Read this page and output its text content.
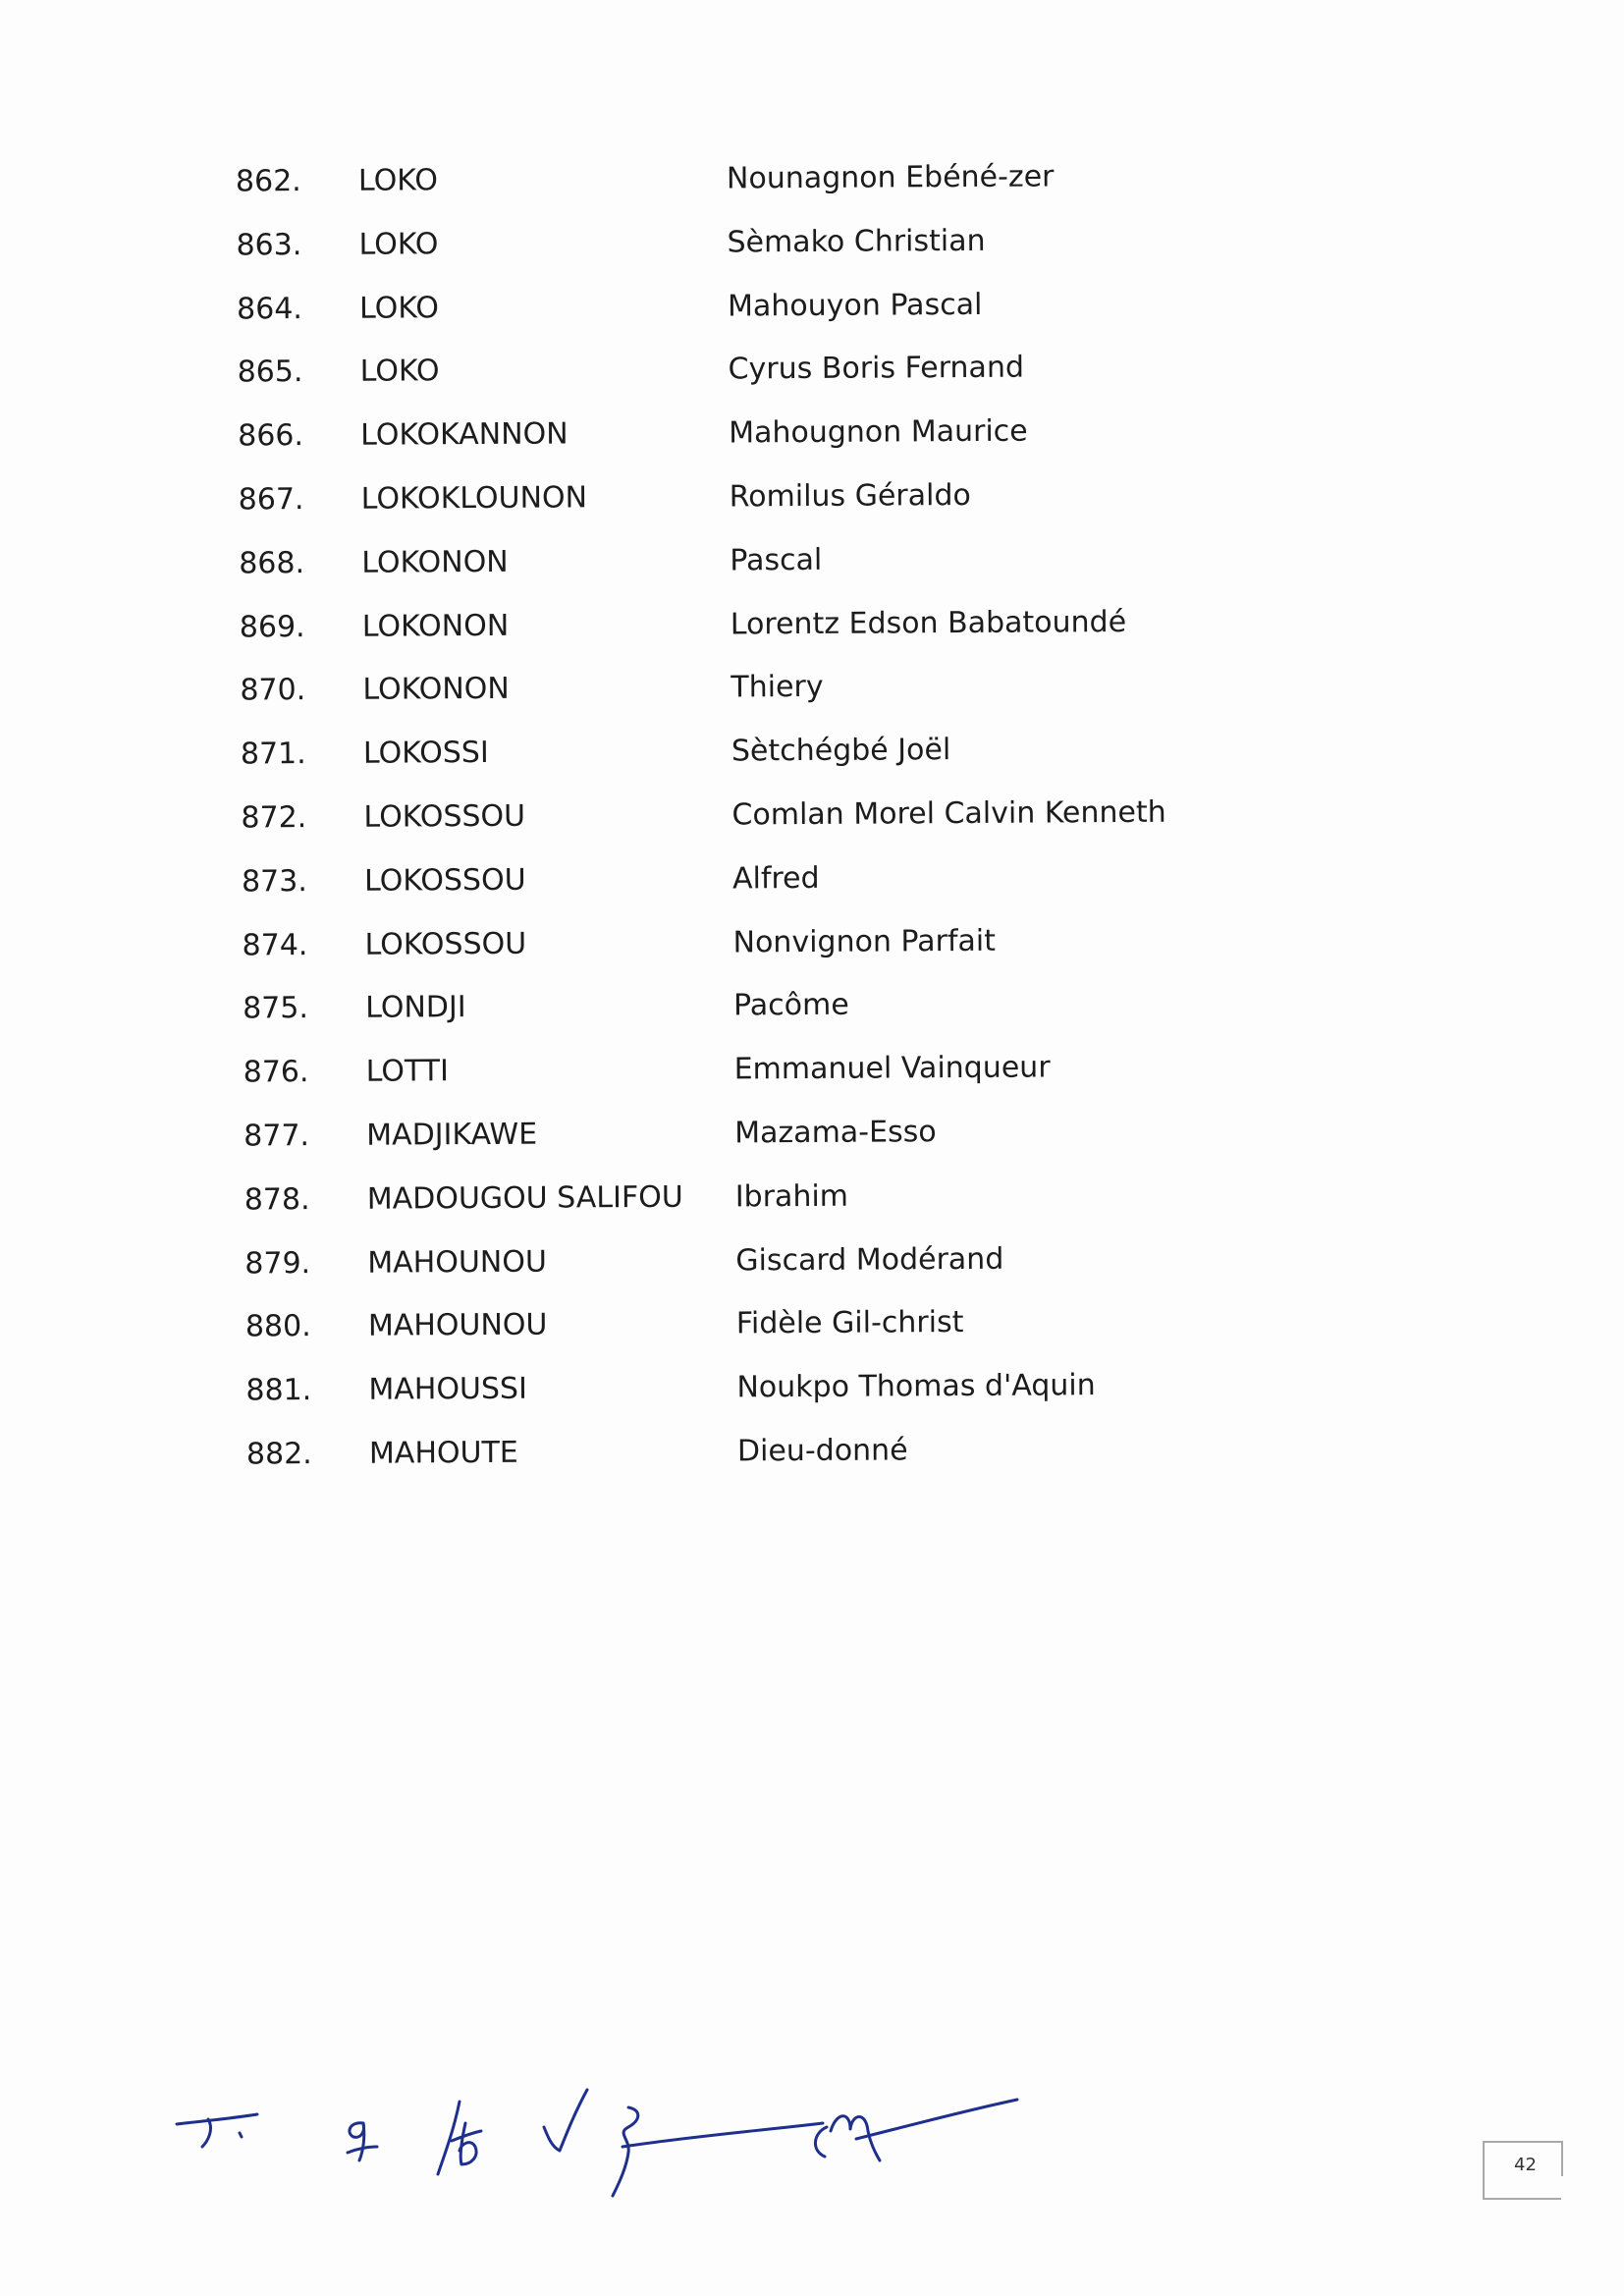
862. LOKO	Nounagnon Ebéné-zer
863. LOKO	Sèmako Christian
864. LOKO	Mahouyon Pascal
865. LOKO	Cyrus Boris Fernand
866. LOKOKANNON	Mahougnon Maurice
867. LOKOKLOUNON	Romilus Géraldo
868. LOKONON	Pascal
869. LOKONON	Lorentz Edson Babatoundé
870. LOKONON	Thiery
871. LOKOSSI	Sètchégbé Joël
872. LOKOSSOU	Comlan Morel Calvin Kenneth
873. LOKOSSOU	Alfred
874. LOKOSSOU	Nonvignon Parfait
875. LONDJI	Pacôme
876. LOTTI	Emmanuel Vainqueur
877. MADJIKAWE	Mazama-Esso
878. MADOUGOU SALIFOU Ibrahim
879. MAHOUNOU	Giscard Modérand
880. MAHOUNOU	Fidèle Gil-christ
881. MAHOUSSI	Noukpo Thomas d'Aquin
882. MAHOUTE	Dieu-donné
42
